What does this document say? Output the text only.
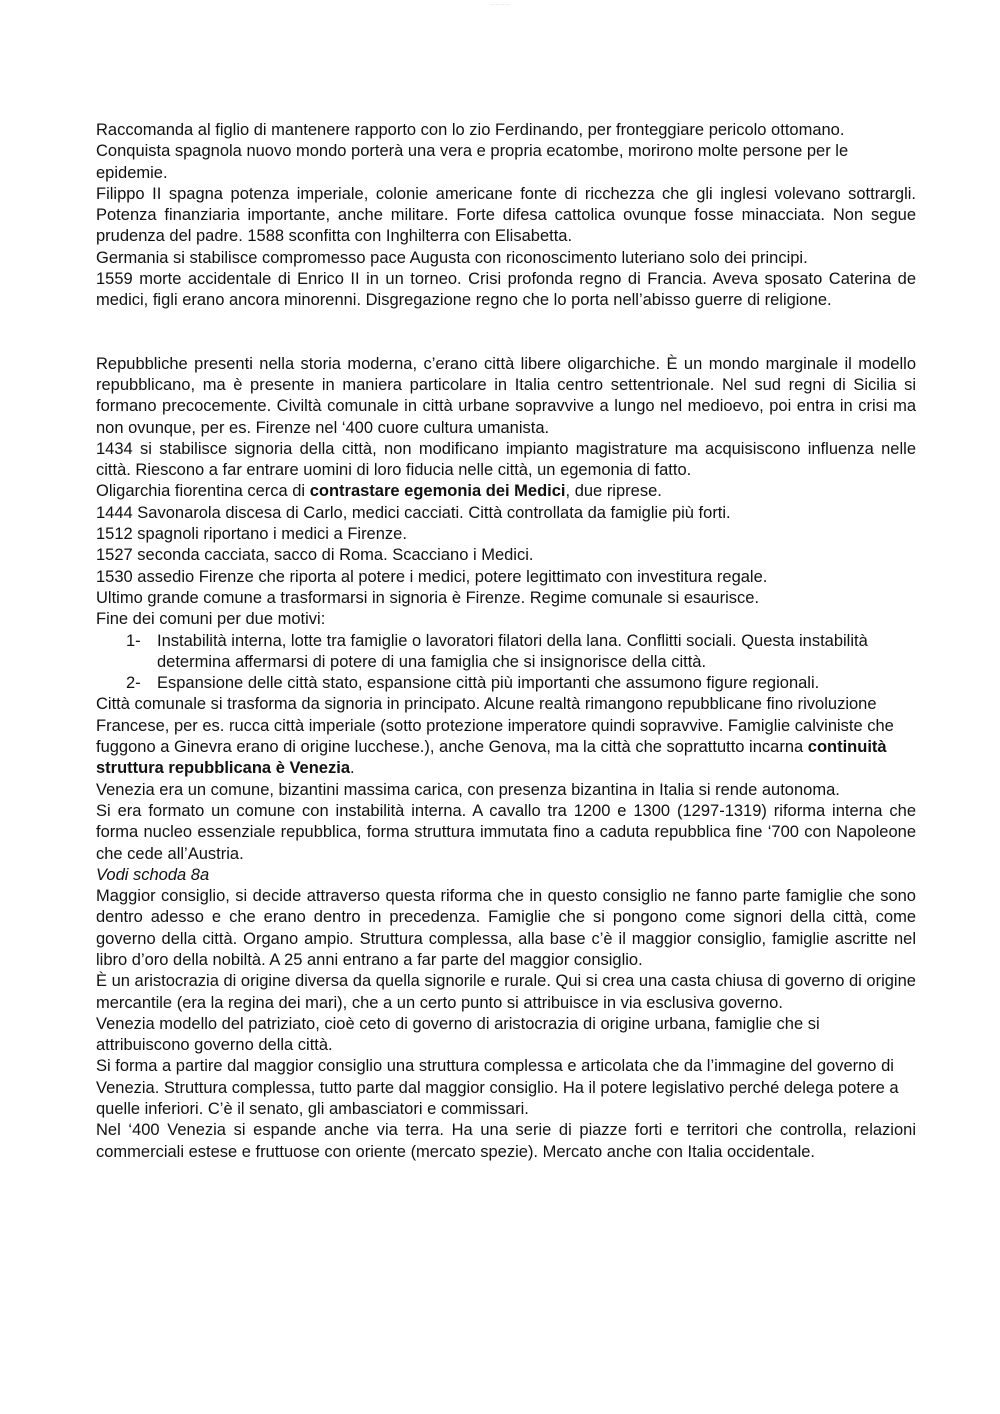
— — — —

Raccomanda al figlio di mantenere rapporto con lo zio Ferdinando, per fronteggiare pericolo ottomano.

Conquista spagnola nuovo mondo porterà una vera e propria ecatombe, morirono molte persone per le epidemie.

Filippo II spagna potenza imperiale, colonie americane fonte di ricchezza che gli inglesi volevano sottrargli. Potenza finanziaria importante, anche militare. Forte difesa cattolica ovunque fosse minacciata. Non segue prudenza del padre. 1588 sconfitta con Inghilterra con Elisabetta.

Germania si stabilisce compromesso pace Augusta con riconoscimento luteriano solo dei principi.

1559 morte accidentale di Enrico II in un torneo. Crisi profonda regno di Francia. Aveva sposato Caterina de medici, figli erano ancora minorenni. Disgregazione regno che lo porta nell’abisso guerre di religione.

Repubbliche presenti nella storia moderna, c’erano città libere oligarchiche. È un mondo marginale il modello repubblicano, ma è presente in maniera particolare in Italia centro settentrionale. Nel sud regni di Sicilia si formano precocemente. Civiltà comunale in città urbane sopravvive a lungo nel medioevo, poi entra in crisi ma non ovunque, per es. Firenze nel ‘400 cuore cultura umanista.

1434 si stabilisce signoria della città, non modificano impianto magistrature ma acquisiscono influenza nelle città. Riescono a far entrare uomini di loro fiducia nelle città, un egemonia di fatto.

Oligarchia fiorentina cerca di contrastare egemonia dei Medici, due riprese.

1444 Savonarola discesa di Carlo, medici cacciati. Città controllata da famiglie più forti.

1512 spagnoli riportano i medici a Firenze.

1527 seconda cacciata, sacco di Roma. Scacciano i Medici.

1530 assedio Firenze che riporta al potere i medici, potere legittimato con investitura regale.

Ultimo grande comune a trasformarsi in signoria è Firenze. Regime comunale si esaurisce.

Fine dei comuni per due motivi:

1- Instabilità interna, lotte tra famiglie o lavoratori filatori della lana. Conflitti sociali. Questa instabilità determina affermarsi di potere di una famiglia che si insignorisce della città.
2- Espansione delle città stato, espansione città più importanti che assumono figure regionali.

Città comunale si trasforma da signoria in principato. Alcune realtà rimangono repubblicane fino rivoluzione Francese, per es. rucca città imperiale (sotto protezione imperatore quindi sopravvive. Famiglie calviniste che fuggono a Ginevra erano di origine lucchese.), anche Genova, ma la città che soprattutto incarna continuità struttura repubblicana è Venezia.

Venezia era un comune, bizantini massima carica, con presenza bizantina in Italia si rende autonoma.

Si era formato un comune con instabilità interna. A cavallo tra 1200 e 1300 (1297-1319) riforma interna che forma nucleo essenziale repubblica, forma struttura immutata fino a caduta repubblica fine ‘700 con Napoleone che cede all’Austria.

Vodi schoda 8a

Maggior consiglio, si decide attraverso questa riforma che in questo consiglio ne fanno parte famiglie che sono dentro adesso e che erano dentro in precedenza. Famiglie che si pongono come signori della città, come governo della città. Organo ampio. Struttura complessa, alla base c’è il maggior consiglio, famiglie ascritte nel libro d’oro della nobiltà. A 25 anni entrano a far parte del maggior consiglio.

È un aristocrazia di origine diversa da quella signorile e rurale. Qui si crea una casta chiusa di governo di origine mercantile (era la regina dei mari), che a un certo punto si attribuisce in via esclusiva governo.

Venezia modello del patriziato, cioè ceto di governo di aristocrazia di origine urbana, famiglie che si attribuiscono governo della città.

Si forma a partire dal maggior consiglio una struttura complessa e articolata che da l’immagine del governo di Venezia. Struttura complessa, tutto parte dal maggior consiglio. Ha il potere legislativo perché delega potere a quelle inferiori. C’è il senato, gli ambasciatori e commissari.

Nel ‘400 Venezia si espande anche via terra. Ha una serie di piazze forti e territori che controlla, relazioni commerciali estese e fruttuose con oriente (mercato spezie). Mercato anche con Italia occidentale.
